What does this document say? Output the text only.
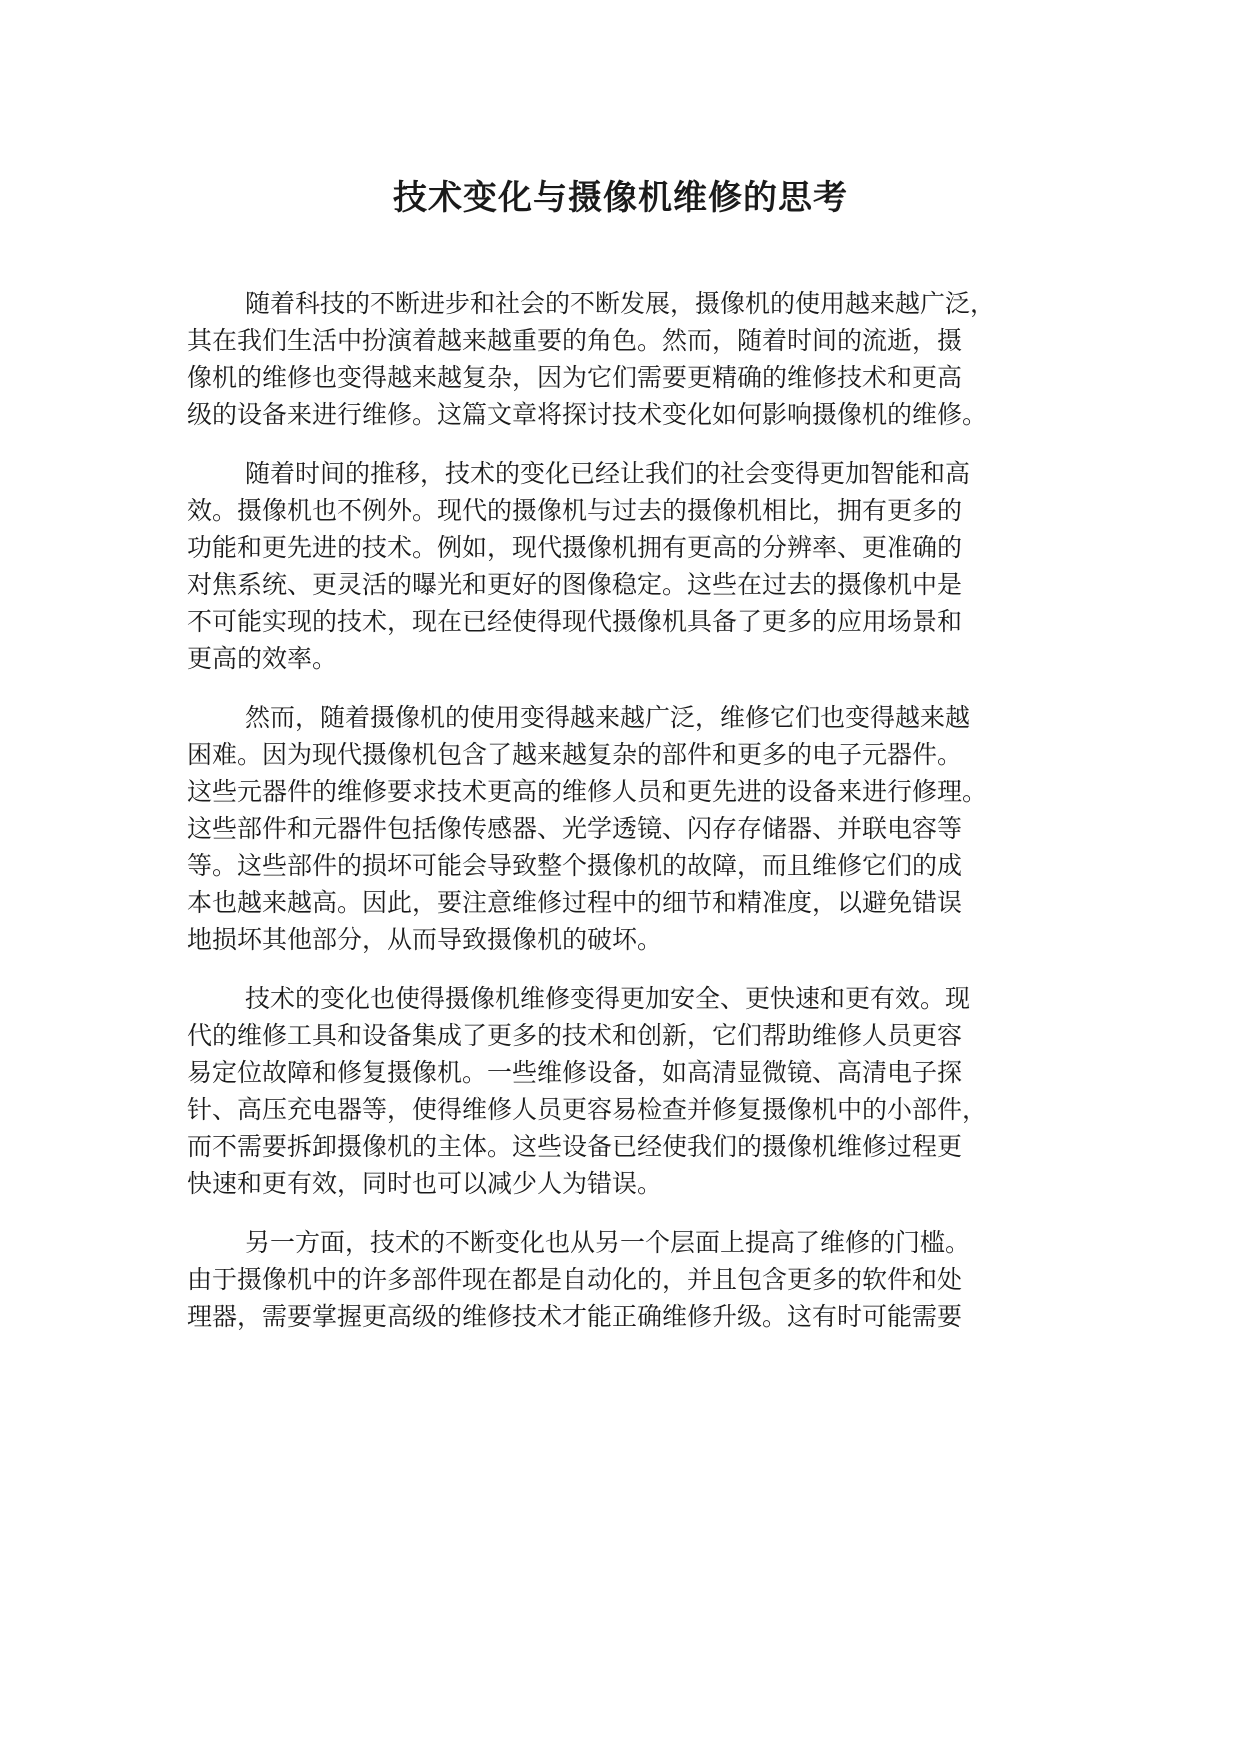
技术变化与摄像机维修的思考

随着科技的不断进步和社会的不断发展，摄像机的使用越来越广泛，
其在我们生活中扮演着越来越重要的角色。然而，随着时间的流逝，摄
像机的维修也变得越来越复杂，因为它们需要更精确的维修技术和更高
级的设备来进行维修。这篇文章将探讨技术变化如何影响摄像机的维修。

随着时间的推移，技术的变化已经让我们的社会变得更加智能和高
效。摄像机也不例外。现代的摄像机与过去的摄像机相比，拥有更多的
功能和更先进的技术。例如，现代摄像机拥有更高的分辨率、更准确的
对焦系统、更灵活的曝光和更好的图像稳定。这些在过去的摄像机中是
不可能实现的技术，现在已经使得现代摄像机具备了更多的应用场景和
更高的效率。

然而，随着摄像机的使用变得越来越广泛，维修它们也变得越来越
困难。因为现代摄像机包含了越来越复杂的部件和更多的电子元器件。
这些元器件的维修要求技术更高的维修人员和更先进的设备来进行修理。
这些部件和元器件包括像传感器、光学透镜、闪存存储器、并联电容等
等。这些部件的损坏可能会导致整个摄像机的故障，而且维修它们的成
本也越来越高。因此，要注意维修过程中的细节和精准度，以避免错误
地损坏其他部分，从而导致摄像机的破坏。

技术的变化也使得摄像机维修变得更加安全、更快速和更有效。现
代的维修工具和设备集成了更多的技术和创新，它们帮助维修人员更容
易定位故障和修复摄像机。一些维修设备，如高清显微镜、高清电子探
针、高压充电器等，使得维修人员更容易检查并修复摄像机中的小部件，
而不需要拆卸摄像机的主体。这些设备已经使我们的摄像机维修过程更
快速和更有效，同时也可以减少人为错误。

另一方面，技术的不断变化也从另一个层面上提高了维修的门槛。
由于摄像机中的许多部件现在都是自动化的，并且包含更多的软件和处
理器，需要掌握更高级的维修技术才能正确维修升级。这有时可能需要
